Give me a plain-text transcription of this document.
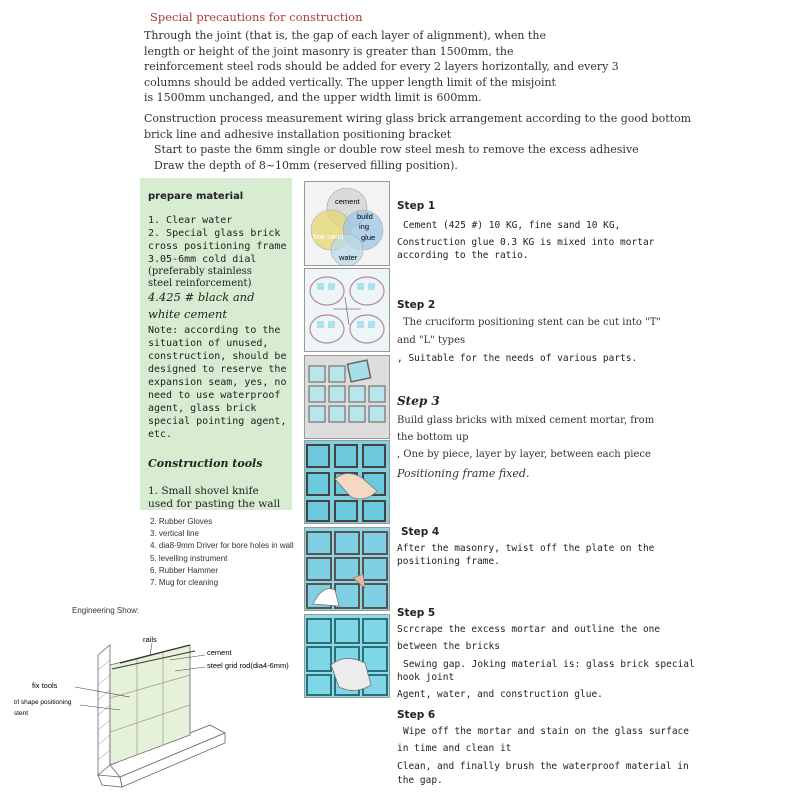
Special precautions for construction
Through the joint (that is, the gap of each layer of alignment), when the
length or height of the joint masonry is greater than 1500mm, the
reinforcement steel rods should be added for every 2 layers horizontally, and every 3
columns should be added vertically. The upper length limit of the misjoint
is 1500mm unchanged, and the upper width limit is 600mm.
Construction process measurement wiring glass brick arrangement according to the good bottom
brick line and adhesive installation positioning bracket
Start to paste the 6mm single or double row steel mesh to remove the excess adhesive
Draw the depth of 8~10mm (reserved filling position).
prepare material
1. Clear water
2. Special glass brick
cross positioning frame
3.05-6mm cold dial
(preferably stainless
steel reinforcement)
4.425 # black and
white cement
Note: according to the
situation of unused,
construction, should be
designed to reserve the
expansion seam, yes, no
need to use waterproof
agent, glass brick
special pointing agent,
etc.
Construction tools
1. Small shovel knife
used for pasting the wall
2. Rubber Gloves
3. vertical line
4. dia8-9mm Driver for bore holes in wall
5. levelling instrument
6. Rubber Hammer
7. Mug for cleaning
Engineering Show:
rails
cement
steel grid rod(dia4-6mm)
fix tools
t/l shape positioning
stent
cement
build
ing
glue
fine sand
water
Step 1
Cement (425 #) 10 KG, fine sand 10 KG,
Construction glue 0.3 KG is mixed into mortar
according to the ratio.
Step 2
The cruciform positioning stent can be cut into "T"
and "L" types
, Suitable for the needs of various parts.
Step 3
Build glass bricks with mixed cement mortar, from
the bottom up
, One by piece, layer by layer, between each piece
Positioning frame fixed.
Step 4
After the masonry, twist off the plate on the
positioning frame.
Step 5
Scrcrape the excess mortar and outline the one
between the bricks
Sewing gap. Joking material is: glass brick special
hook joint
Agent, water, and construction glue.
Step 6
Wipe off the mortar and stain on the glass surface
in time and clean it
Clean, and finally brush the waterproof material in
the gap.
